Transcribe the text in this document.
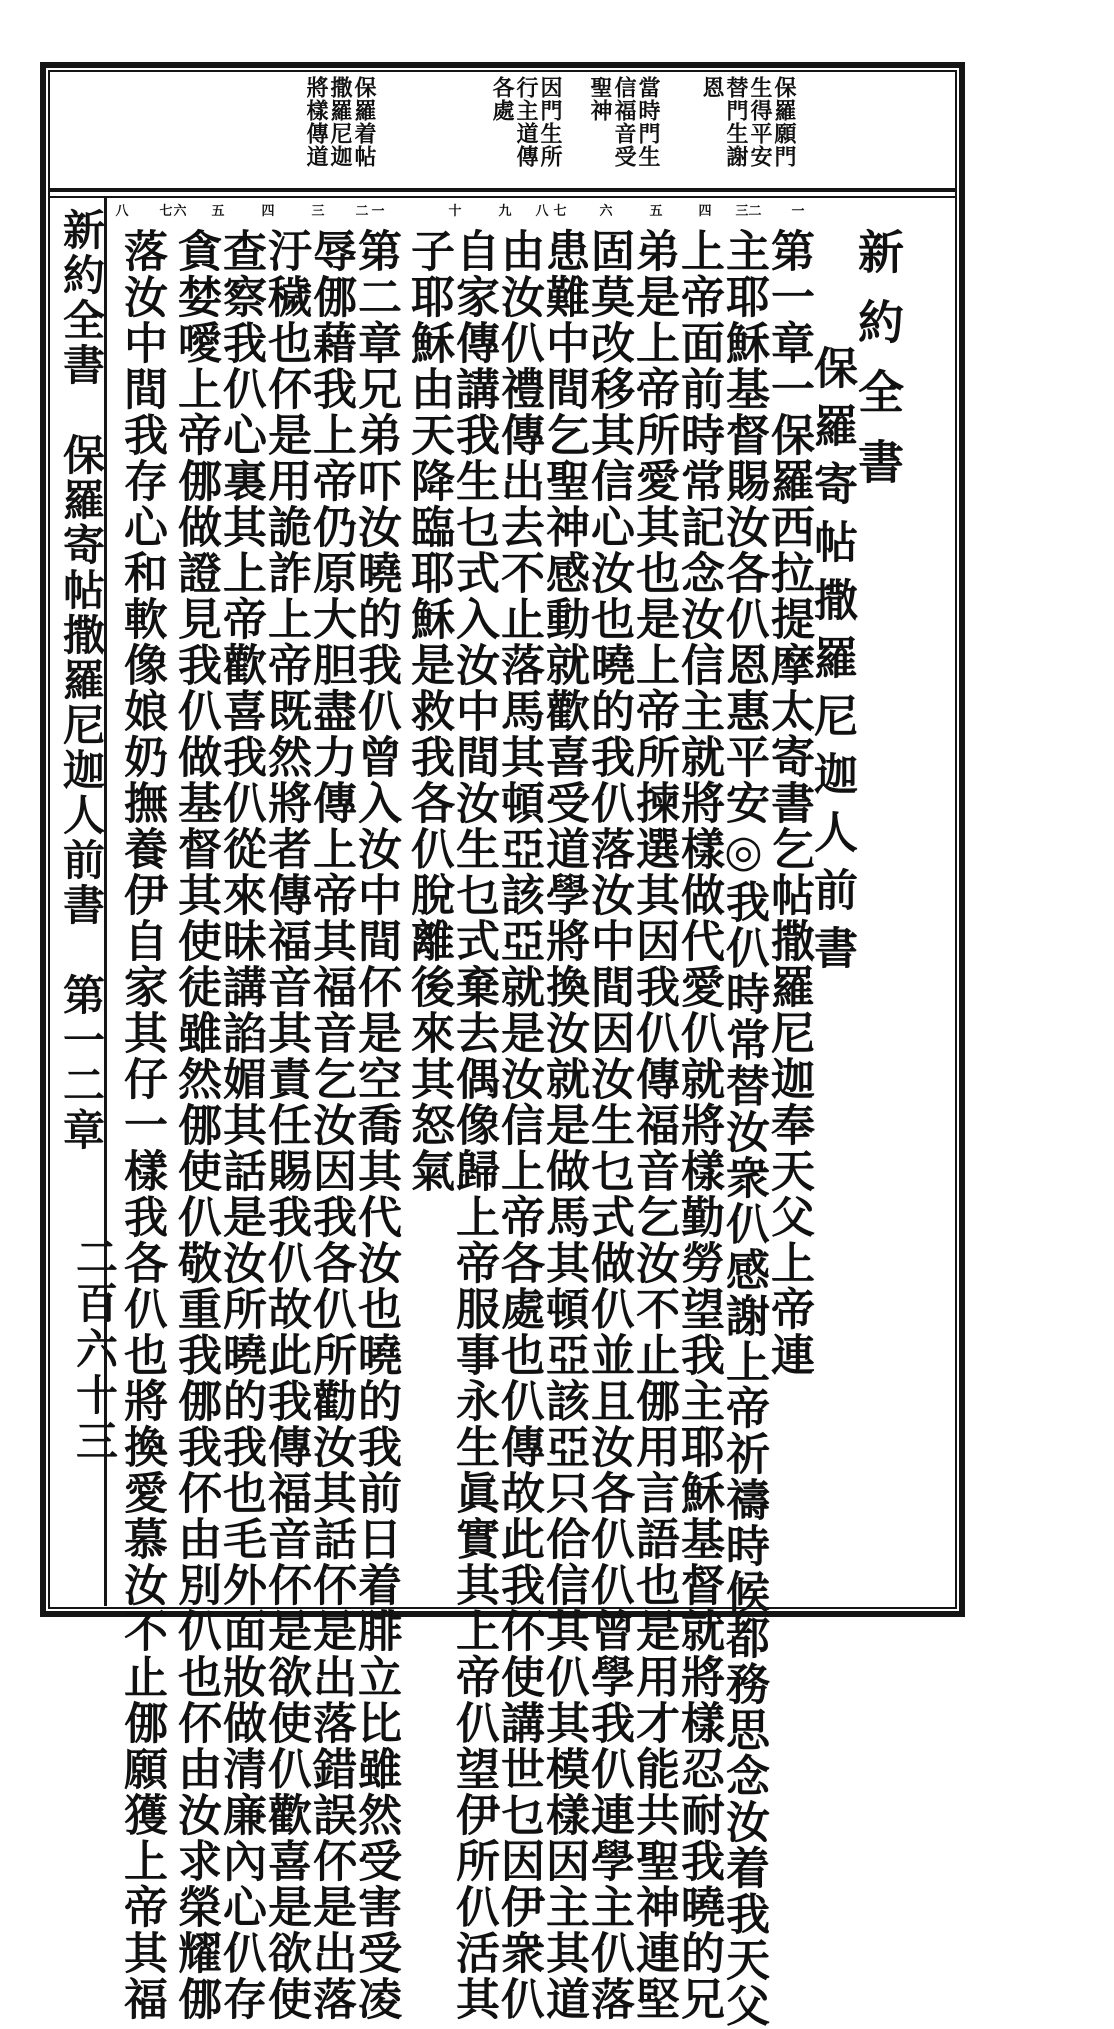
保羅願門
生得平安
替門生謝
恩
當時門生
信福音受
聖神
因門生所
行主道傳
各處
保羅着帖
撒羅尼迦
將樣傳道
一
二
三
四
五
六
七
八
九
十
一
二
三
四
五
六
七
八
新約全書
保羅寄帖撒羅尼迦人前書
第一章一保羅西拉提摩太寄書乞帖撒羅尼迦奉天父上帝連
主耶穌基督賜汝各仈恩惠平安◎我仈時常替汝衆仈感謝上帝祈禱時候都務思念汝着我天父
上帝面前時常記念汝信主就將樣做代愛仈就將樣勤勞望我主耶穌基督就將樣忍耐我曉的兄
弟是上帝所愛其也是上帝所揀選其因我仈傳福音乞汝不止㑚用言語也是用才能共聖神連堅
固莫改移其信心汝也曉的我仈落汝中間因汝生乜式做仈並且汝各仈仈曾學我仈連學主仈落
患難中間乞聖神感動就歡喜受道學將換汝就是做馬其頓亞該亞只佮信其仈其模樣因主其道
由汝仈禮傳出去不止落馬其頓亞該亞就是汝信上帝各處也仈傳故此我伓使講世乜因伊衆仈
自家傳講我生乜式入汝中間汝生乜式棄去偶像歸上帝服事永生眞實其上帝仈望伊所仈活其
子耶穌由天降臨耶穌是救我各仈脫離後來其怒氣
第二章兄弟吓汝曉的我仈曾入汝中間伓是空喬其代汝也曉的我前日着腓立比雖然受害受凌
辱㑚藉我上帝仍原大胆盡力傳上帝其福音乞汝因我各仈所勸汝其話伓是出落錯誤伓是出落
汙穢也伓是用詭詐上帝既然將者傳福音其責任賜我仈故此我傳福音伓是欲使仈歡喜是欲使
查察我仈心裏其上帝歡喜我仈從來昧講諂媚其話是汝所曉的我也毛外面妝做清廉內心仈存
貪婪噯上帝㑚做證見我仈做基督其使徒雖然㑚使仈敬重我㑚我伓由別仈也伓由汝求榮耀㑚
落汝中間我存心和軟像娘奶撫養伊自家其仔一樣我各仈也將換愛慕汝不止㑚願獲上帝其福
新約全書　保羅寄帖撒羅尼迦人前書　第一二章
二百六十三
